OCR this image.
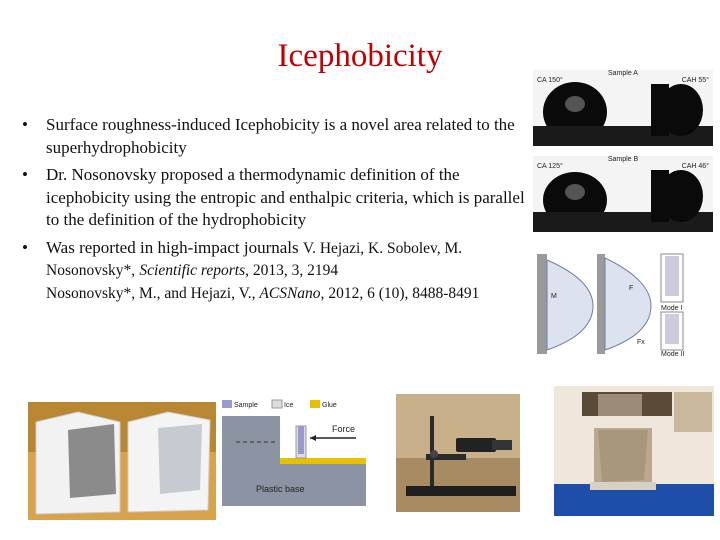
Icephobicity
• Surface roughness-induced Icephobicity is a novel area related to the superhydrophobicity
• Dr. Nosonovsky proposed a thermodynamic definition of the icephobicity using the entropic and enthalpic criteria, which is parallel to the definition of the hydrophobicity
• Was reported in high-impact journals V. Hejazi, K. Sobolev, M. Nosonovsky*, Scientific reports, 2013, 3, 2194
Nosonovsky*, M., and Hejazi, V., ACSNano, 2012, 6 (10), 8488-8491
Sample A
CA 150°	CAH 55°
Sample B
CA 125°	CAH 46°
M
F
Fx
Mode I
Mode II
Sample	Ice	Glue
Force
Plastic base
